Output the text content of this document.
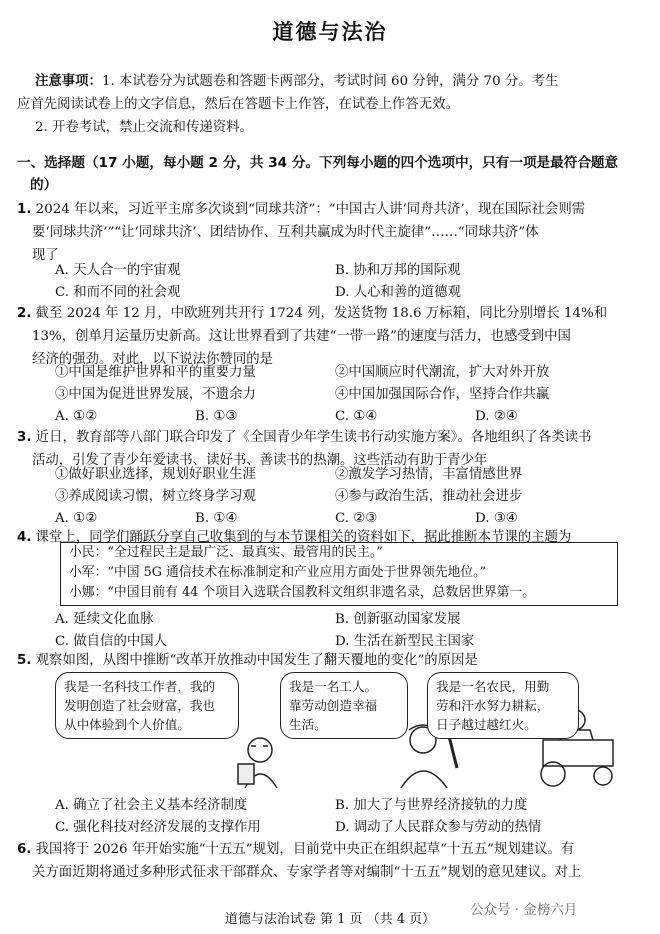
道德与法治
注意事项：1. 本试卷分为试题卷和答题卡两部分，考试时间 60 分钟，满分 70 分。考生
应首先阅读试卷上的文字信息，然后在答题卡上作答，在试卷上作答无效。
2. 开卷考试，禁止交流和传递资料。
一、选择题（17 小题，每小题 2 分，共 34 分。下列每小题的四个选项中，只有一项是最符合题意
的）
1. 2024 年以来，习近平主席多次谈到“同球共济”：“中国古人讲‘同舟共济’，现在国际社会则需
要‘同球共济’”“让‘同球共济’、团结协作、互利共赢成为时代主旋律”……“同球共济”体
现了
A. 天人合一的宇宙观	B. 协和万邦的国际观
C. 和而不同的社会观	D. 人心和善的道德观
2. 截至 2024 年 12 月，中欧班列共开行 1724 列，发送货物 18.6 万标箱，同比分别增长 14%和
13%，创单月运量历史新高。这让世界看到了共建“一带一路”的速度与活力，也感受到中国
经济的强劲。对此，以下说法你赞同的是
①中国是维护世界和平的重要力量	②中国顺应时代潮流，扩大对外开放
③中国为促进世界发展，不遗余力	④中国加强国际合作，坚持合作共赢
A. ①②	B. ①③	C. ①④	D. ②④
3. 近日，教育部等八部门联合印发了《全国青少年学生读书行动实施方案》。各地组织了各类读书
活动，引发了青少年爱读书、读好书、善读书的热潮。这些活动有助于青少年
①做好职业选择，规划好职业生涯	②激发学习热情，丰富情感世界
③养成阅读习惯，树立终身学习观	④参与政治生活，推动社会进步
A. ①②	B. ①④	C. ②③	D. ③④
4. 课堂上，同学们踊跃分享自己收集到的与本节课相关的资料如下，据此推断本节课的主题为
小民：“全过程民主是最广泛、最真实、最管用的民主。”
小军：“中国 5G 通信技术在标准制定和产业应用方面处于世界领先地位。”
小娜：“中国目前有 44 个项目入选联合国教科文组织非遗名录，总数居世界第一。
A. 延续文化血脉	B. 创新驱动国家发展
C. 做自信的中国人	D. 生活在新型民主国家
5. 观察如图，从图中推断“改革开放推动中国发生了翻天覆地的变化”的原因是
我是一名科技工作者，我的
发明创造了社会财富，我也
从中体验到个人价值。
我是一名工人。
靠劳动创造幸福
生活。
我是一名农民，用勤
劳和汗水努力耕耘，
日子越过越红火。
A. 确立了社会主义基本经济制度	B. 加大了与世界经济接轨的力度
C. 强化科技对经济发展的支撑作用	D. 调动了人民群众参与劳动的热情
6. 我国将于 2026 年开始实施“十五五”规划，目前党中央正在组织起草“十五五”规划建议。有
关方面近期将通过多种形式征求干部群众、专家学者等对编制“十五五”规划的意见建议。对上
道德与法治试卷 第 1 页 （共 4 页）
公众号 · 金榜六月
